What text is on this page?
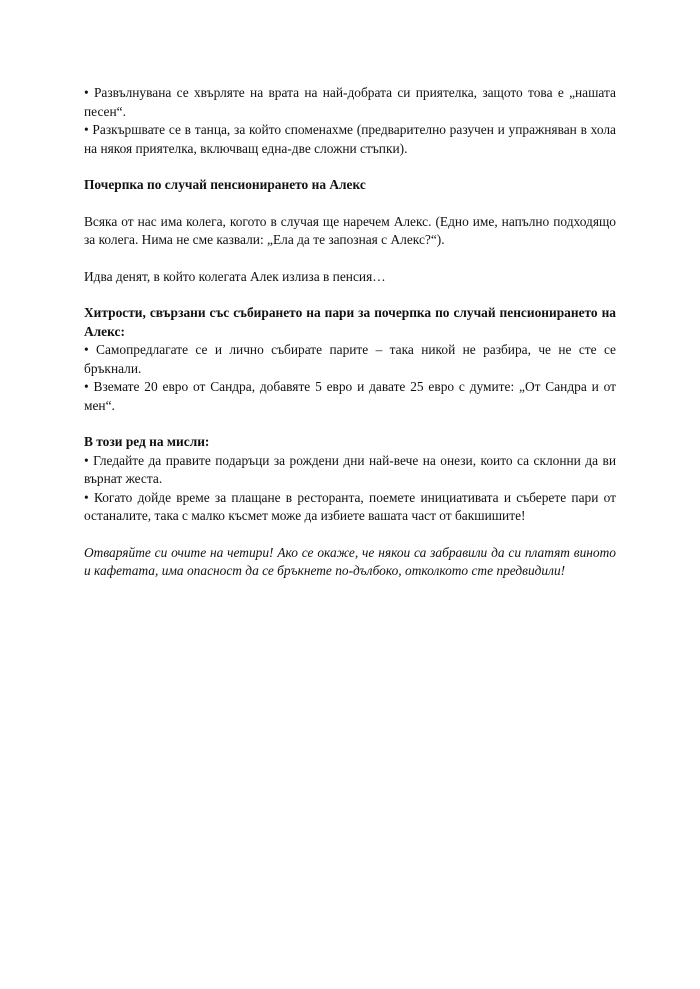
• Развълнувана се хвърляте на врата на най-добрата си приятелка, защото това е „нашата песен“.

• Разкършвате се в танца, за който споменахме (предварително разучен и упражняван в хола на някоя приятелка, включващ една-две сложни стъпки).

Почерпка по случай пенсионирането на Алекс

Всяка от нас има колега, когото в случая ще наречем Алекс. (Едно име, напълно подходящо за колега. Нима не сме казвали: „Ела да те запозная с Алекс?“).

Идва денят, в който колегата Алек излиза в пенсия…

Хитрости, свързани със събирането на пари за почерпка по случай пенсионирането на Алекс:

• Самопредлагате се и лично събирате парите – така никой не разбира, че не сте се бръкнали.

• Вземате 20 евро от Сандра, добавяте 5 евро и давате 25 евро с думите: „От Сандра и от мен“.

В този ред на мисли:

• Гледайте да правите подаръци за рождени дни най-вече на онези, които са склонни да ви върнат жеста.

• Когато дойде време за плащане в ресторанта, поемете инициативата и съберете пари от останалите, така с малко късмет може да избиете вашата част от бакшишите!

Отваряйте си очите на четири! Ако се окаже, че някои са забравили да си платят виното и кафетата, има опасност да се бръкнете по-дълбоко, отколкото сте предвидили!
